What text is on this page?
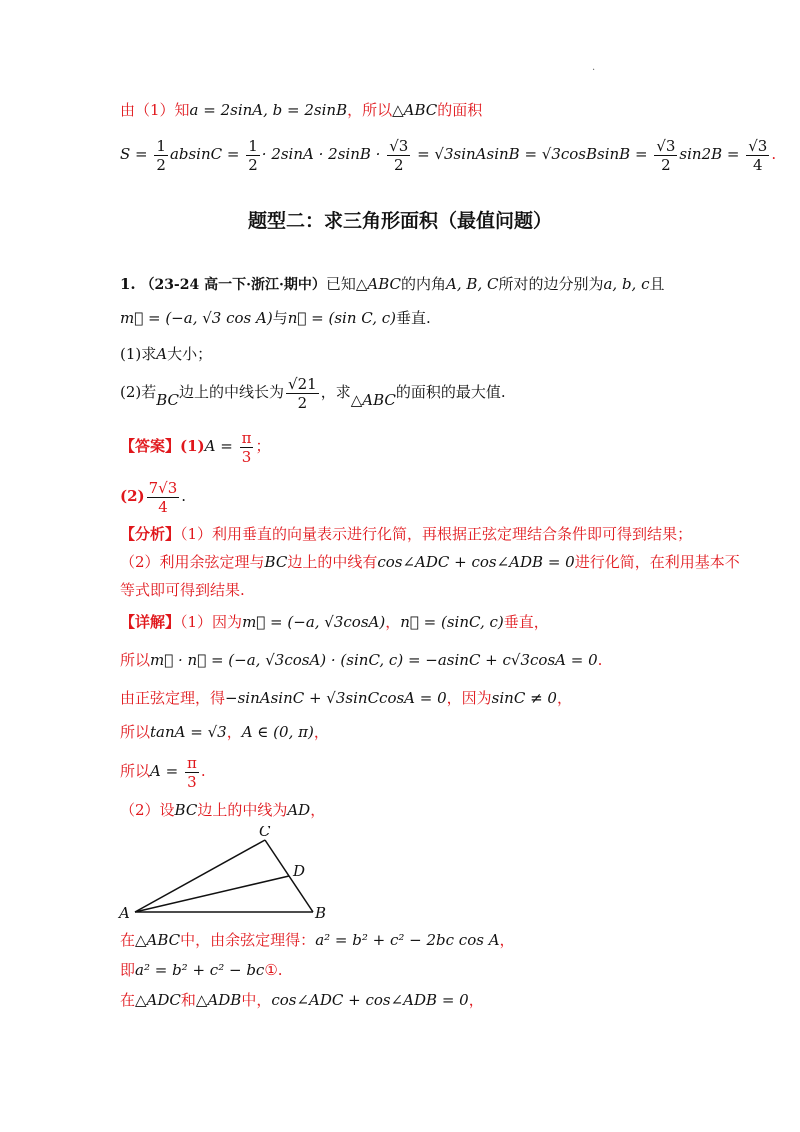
.
由（1）知a = 2sinA, b = 2sinB，所以△ABC的面积
$S = \frac{1}{2}$ $absinC = \frac{1}{2} \cdot 2\sin A \cdot 2\sin B \cdot \frac{√3}{2}$ = √3sinAsinB = √3cosBsinB = $\frac{√3}{2} \sin 2B = \frac{√3}{4}$ .
题型二：求三角形面积（最值问题）
1. （23-24 高一下·浙江·期中）已知△ABC的内角A, B, C所对的边分别为a, b, c且
m⃗ = (−a, √3 cos A)与n⃗ = (sin C, c)垂直.
(1)求A大小；
(2)若BC边上的中线长为 $\frac{√21}{2}$ ，求△ABC的面积的最大值.
【答案】$(1)A = \frac{\pi}{3}$ ；
$(2) \frac{7√3}{4}$ .
【分析】（1）利用垂直的向量表示进行化简，再根据正弦定理结合条件即可得到结果；
（2）利用余弦定理与BC边上的中线有cos∠ADC + cos∠ADB = 0进行化简，在利用基本不
等式即可得到结果.
【详解】（1）因为m⃗ = (−a, √3cosA)，n⃗ = (sinC, c)垂直，
所以m⃗ · n⃗ = (−a, √3cosA) · (sinC, c) = −asinC + c√3cosA = 0.
由正弦定理，得−sinAsinC + √3sinCcosA = 0，因为sinC ≠ 0，
所以tanA = √3，A ∈ (0, π)，
所以$A = \frac{\pi}{3}$ .
（2）设BC边上的中线为AD，
A	B
C
D
在△ABC中，由余弦定理得：a² = b² + c² − 2bc cos A，
即a² = b² + c² − bc①.
在△ADC和△ADB中，cos∠ADC + cos∠ADB = 0，
